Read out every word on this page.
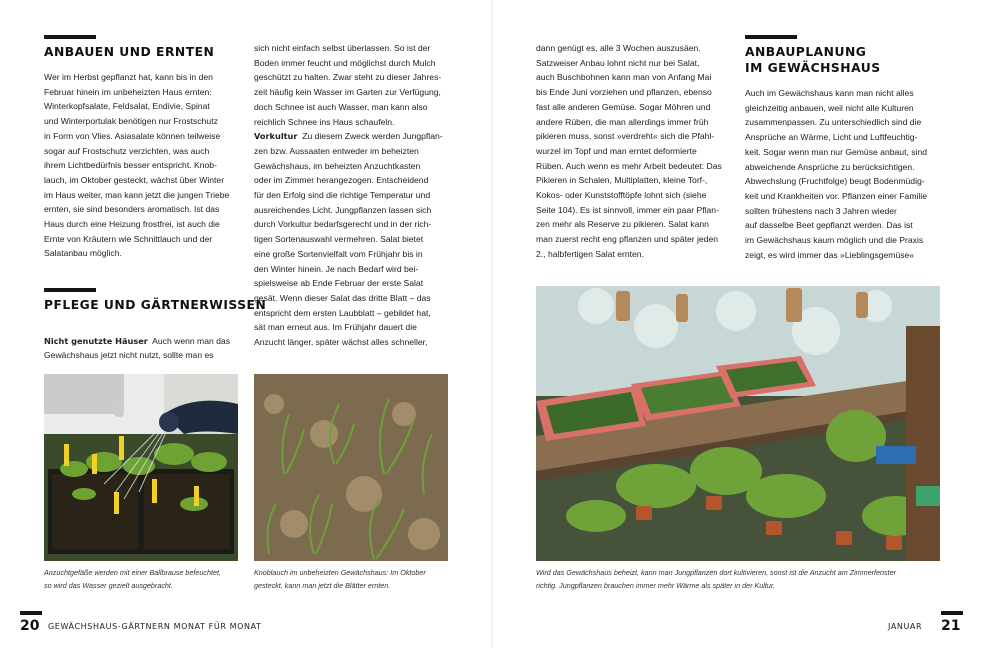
ANBAUEN UND ERNTEN
Wer im Herbst gepflanzt hat, kann bis in den
Februar hinein im unbeheizten Haus ernten:
Winterkopfsalate, Feldsalat, Endivie, Spinat
und Winterportulak benötigen nur Frostschutz
in Form von Vlies. Asiasalate können teilweise
sogar auf Frostschutz verzichten, was auch
ihrem Lichtbedürfnis besser entspricht. Knob-
lauch, im Oktober gesteckt, wächst über Winter
im Haus weiter, man kann jetzt die jungen Triebe
ernten, sie sind besonders aromatisch. Ist das
Haus durch eine Heizung frostfrei, ist auch die
Ernte von Kräutern wie Schnittlauch und der
Salatanbau möglich.
PFLEGE UND GÄRTNERWISSEN

Nicht genutzte Häuser  Auch wenn man das
Gewächshaus jetzt nicht nutzt, sollte man es
sich nicht einfach selbst überlassen. So ist der
Boden immer feucht und möglichst durch Mulch
geschützt zu halten. Zwar steht zu dieser Jahres-
zeit häufig kein Wasser im Garten zur Verfügung,
doch Schnee ist auch Wasser, man kann also
reichlich Schnee ins Haus schaufeln.
Vorkultur  Zu diesem Zweck werden Jungpflan-
zen bzw. Aussaaten entweder im beheizten
Gewächshaus, im beheizten Anzuchtkasten
oder im Zimmer herangezogen. Entscheidend
für den Erfolg sind die richtige Temperatur und
ausreichendes Licht. Jungpflanzen lassen sich
durch Vorkultur bedarfsgerecht und in der rich-
tigen Sortenauswahl vermehren. Salat bietet
eine große Sortenvielfalt vom Frühjahr bis in
den Winter hinein. Je nach Bedarf wird bei-
spielsweise ab Ende Februar der erste Salat
gesät. Wenn dieser Salat das dritte Blatt – das
entspricht dem ersten Laubblatt – gebildet hat,
sät man erneut aus. Im Frühjahr dauert die
Anzucht länger, später wächst alles schneller,
Anzuchtgefäße werden mit einer Ballbrause befeuchtet,
so wird das Wasser gezielt ausgebracht.
Knoblauch im unbeheizten Gewächshaus: Im Oktober
gesteckt, kann man jetzt die Blätter ernten.
20 GEWÄCHSHAUS-GÄRTNERN MONAT FÜR MONAT
dann genügt es, alle 3 Wochen auszusäen.
Satzweiser Anbau lohnt nicht nur bei Salat,
auch Buschbohnen kann man von Anfang Mai
bis Ende Juni vorziehen und pflanzen, ebenso
fast alle anderen Gemüse. Sogar Möhren und
andere Rüben, die man allerdings immer früh
pikieren muss, sonst »verdreht« sich die Pfahl-
wurzel im Topf und man erntet deformierte
Rüben. Auch wenn es mehr Arbeit bedeutet: Das
Pikieren in Schalen, Multiplatten, kleine Torf-,
Kokos- oder Kunststofftöpfe lohnt sich (siehe
Seite 104). Es ist sinnvoll, immer ein paar Pflan-
zen mehr als Reserve zu pikieren. Salat kann
man zuerst recht eng pflanzen und später jeden
2., halbfertigen Salat ernten.
ANBAUPLANUNG
IM GEWÄCHSHAUS
Auch im Gewächshaus kann man nicht alles
gleichzeitig anbauen, weil nicht alle Kulturen
zusammenpassen. Zu unterschiedlich sind die
Ansprüche an Wärme, Licht und Luftfeuchtig-
keit. Sogar wenn man nur Gemüse anbaut, sind
abweichende Ansprüche zu berücksichtigen.
Abwechslung (Fruchtfolge) beugt Bodenmüdig-
keit und Krankheiten vor. Pflanzen einer Familie
sollten frühestens nach 3 Jahren wieder
auf dasselbe Beet gepflanzt werden. Das ist
im Gewächshaus kaum möglich und die Praxis
zeigt, es wird immer das »Lieblingsgemüse«
Wird das Gewächshaus beheizt, kann man Jungpflanzen dort kultivieren, sonst ist die Anzucht am Zimmerfenster
richtig. Jungpflanzen brauchen immer mehr Wärme als später in der Kultur.
JANUAR 21
